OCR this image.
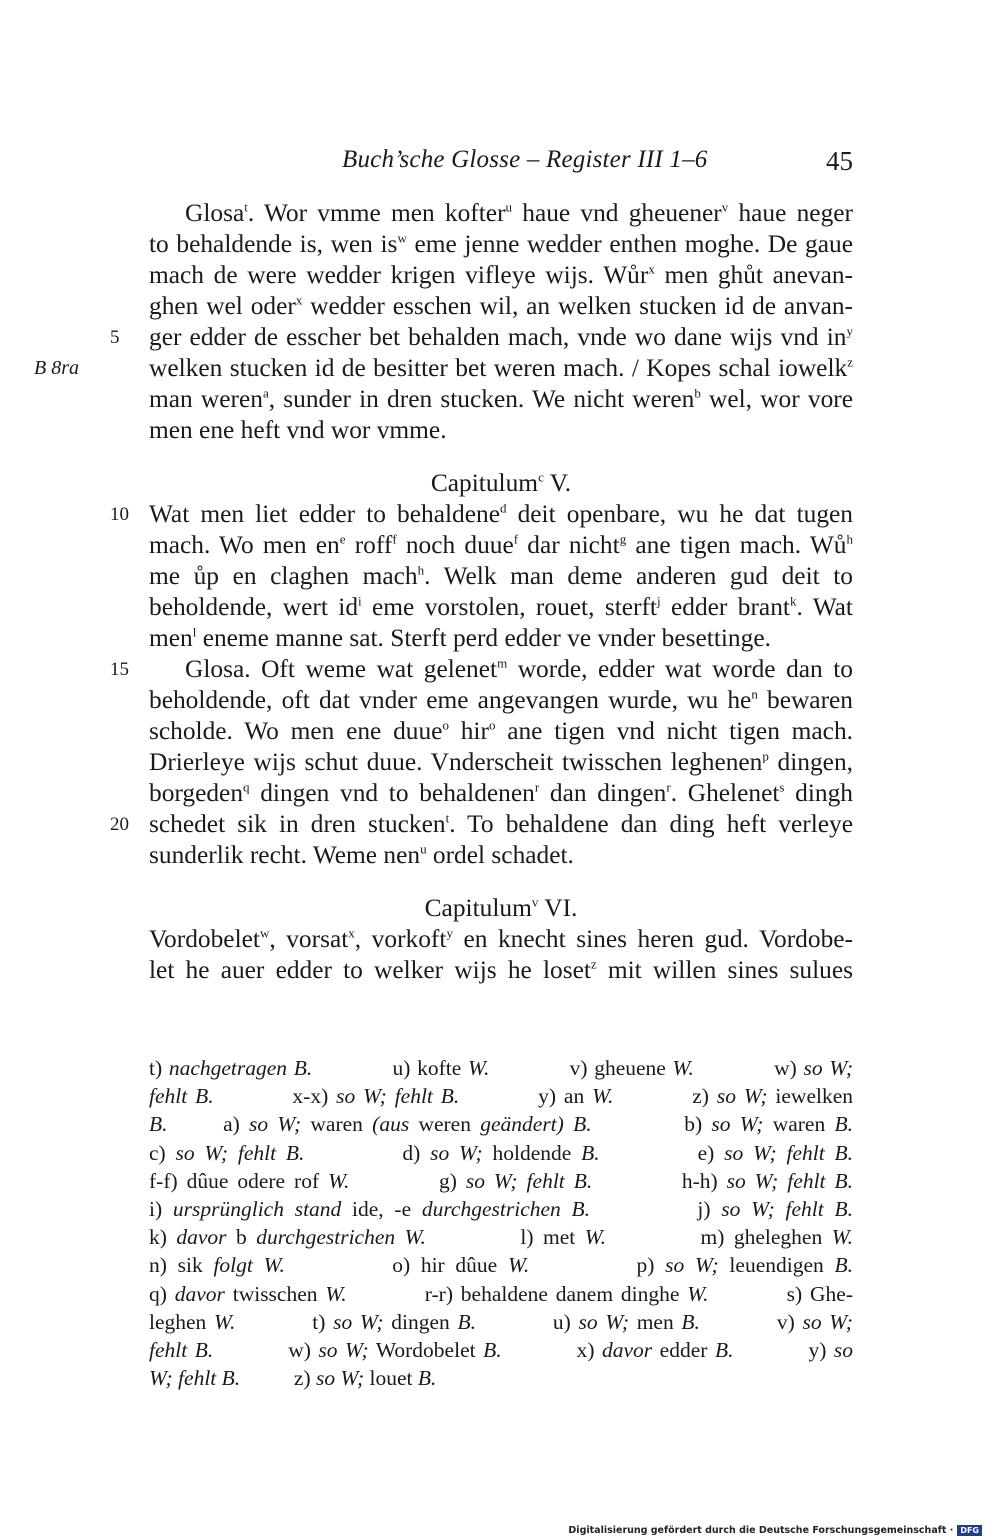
Buch’sche Glosse – Register III 1–6	45
Glosa$^t$. Wor vmme men kofter$^u$ haue vnd gheuener$^v$ haue neger
to behaldende is, wen $is^w$ eme jenne wedder enthen moghe. De gaue
mach de were wedder krigen vifleye wijs. Wůr$^x$ men ghůt anevan-
ghen wel oder$^x$ wedder esschen wil, an welken stucken id de anvan-
ger edder de esscher bet behalden mach, vnde wo dane wijs vnd $in^y$
5
welken stucken id de besitter bet weren mach. / Kopes schal iowelk$^z$
B 8ra
man weren$^a$, sunder in dren stucken. We nicht weren$^b$ wel, wor vore
men ene heft vnd wor vmme.
Capitulum$^c$ V.
Wat men liet edder to behaldene$^d$ deit openbare, wu he dat tugen
10
mach. Wo men $en^e$ roff$^f$ noch duue$^f$ dar nicht$^g$ ane tigen mach. $Wů^h$
me ůp en claghen mach$^h$. Welk man deme anderen gud deit to
beholdende, wert $id^i$ eme vorstolen, rouet, sterft$^j$ edder brant$^k$. Wat
men$^l$ eneme manne sat. Sterft perd edder ve vnder besettinge.
Glosa. Oft weme wat gelenet$^m$ worde, edder wat worde dan to
15
beholdende, oft dat vnder eme angevangen wurde, wu $he^n$ bewaren
scholde. Wo men ene duue$^o$ hir$^o$ ane tigen vnd nicht tigen mach.
Drierleye wijs schut duue. Vnderscheit twisschen leghenen$^p$ dingen,
borgeden$^q$ dingen vnd to behaldenen$^r$ dan dingen$^r$. Ghelenet$^s$ dingh
schedet sik in dren stucken$^t$. To behaldene dan ding heft verleye
20
sunderlik recht. Weme nen$^u$ ordel schadet.
Capitulum$^v$ VI.
Vordobelet$^w$, vorsat$^x$, vorkoft$^y$ en knecht sines heren gud. Vordobe-
let he auer edder to welker wijs he loset$^z$ mit willen sines sulues
t) nachgetragen B.            u) kofte W.            v) gheuene W.            w) so W;
fehlt B.          x-x) so W; fehlt B.          y) an W.          z) so W; iewelken
B.      a) so W; waren (aus weren geändert) B.          b) so W; waren B.
c) so W; fehlt B.          d) so W; holdende B.          e) so W; fehlt B.
f-f) dûue odere rof W.          g) so W; fehlt B.          h-h) so W; fehlt B.
i) ursprünglich stand ide, -e durchgestrichen B.          j) so W; fehlt B.
k) davor b durchgestrichen W.          l) met W.          m) gheleghen W.
n) sik folgt W.          o) hir dûue W.          p) so W; leuendigen B.
q) davor twisschen W.          r-r) behaldene danem dinghe W.          s) Ghe-
leghen W.          t) so W; dingen B.          u) so W; men B.          v) so W;
fehlt B.          w) so W; Wordobelet B.          x) davor edder B.          y) so
W; fehlt B.          z) so W; louet B.
Digitalisierung gefördert durch die Deutsche Forschungsgemeinschaft · DFG
